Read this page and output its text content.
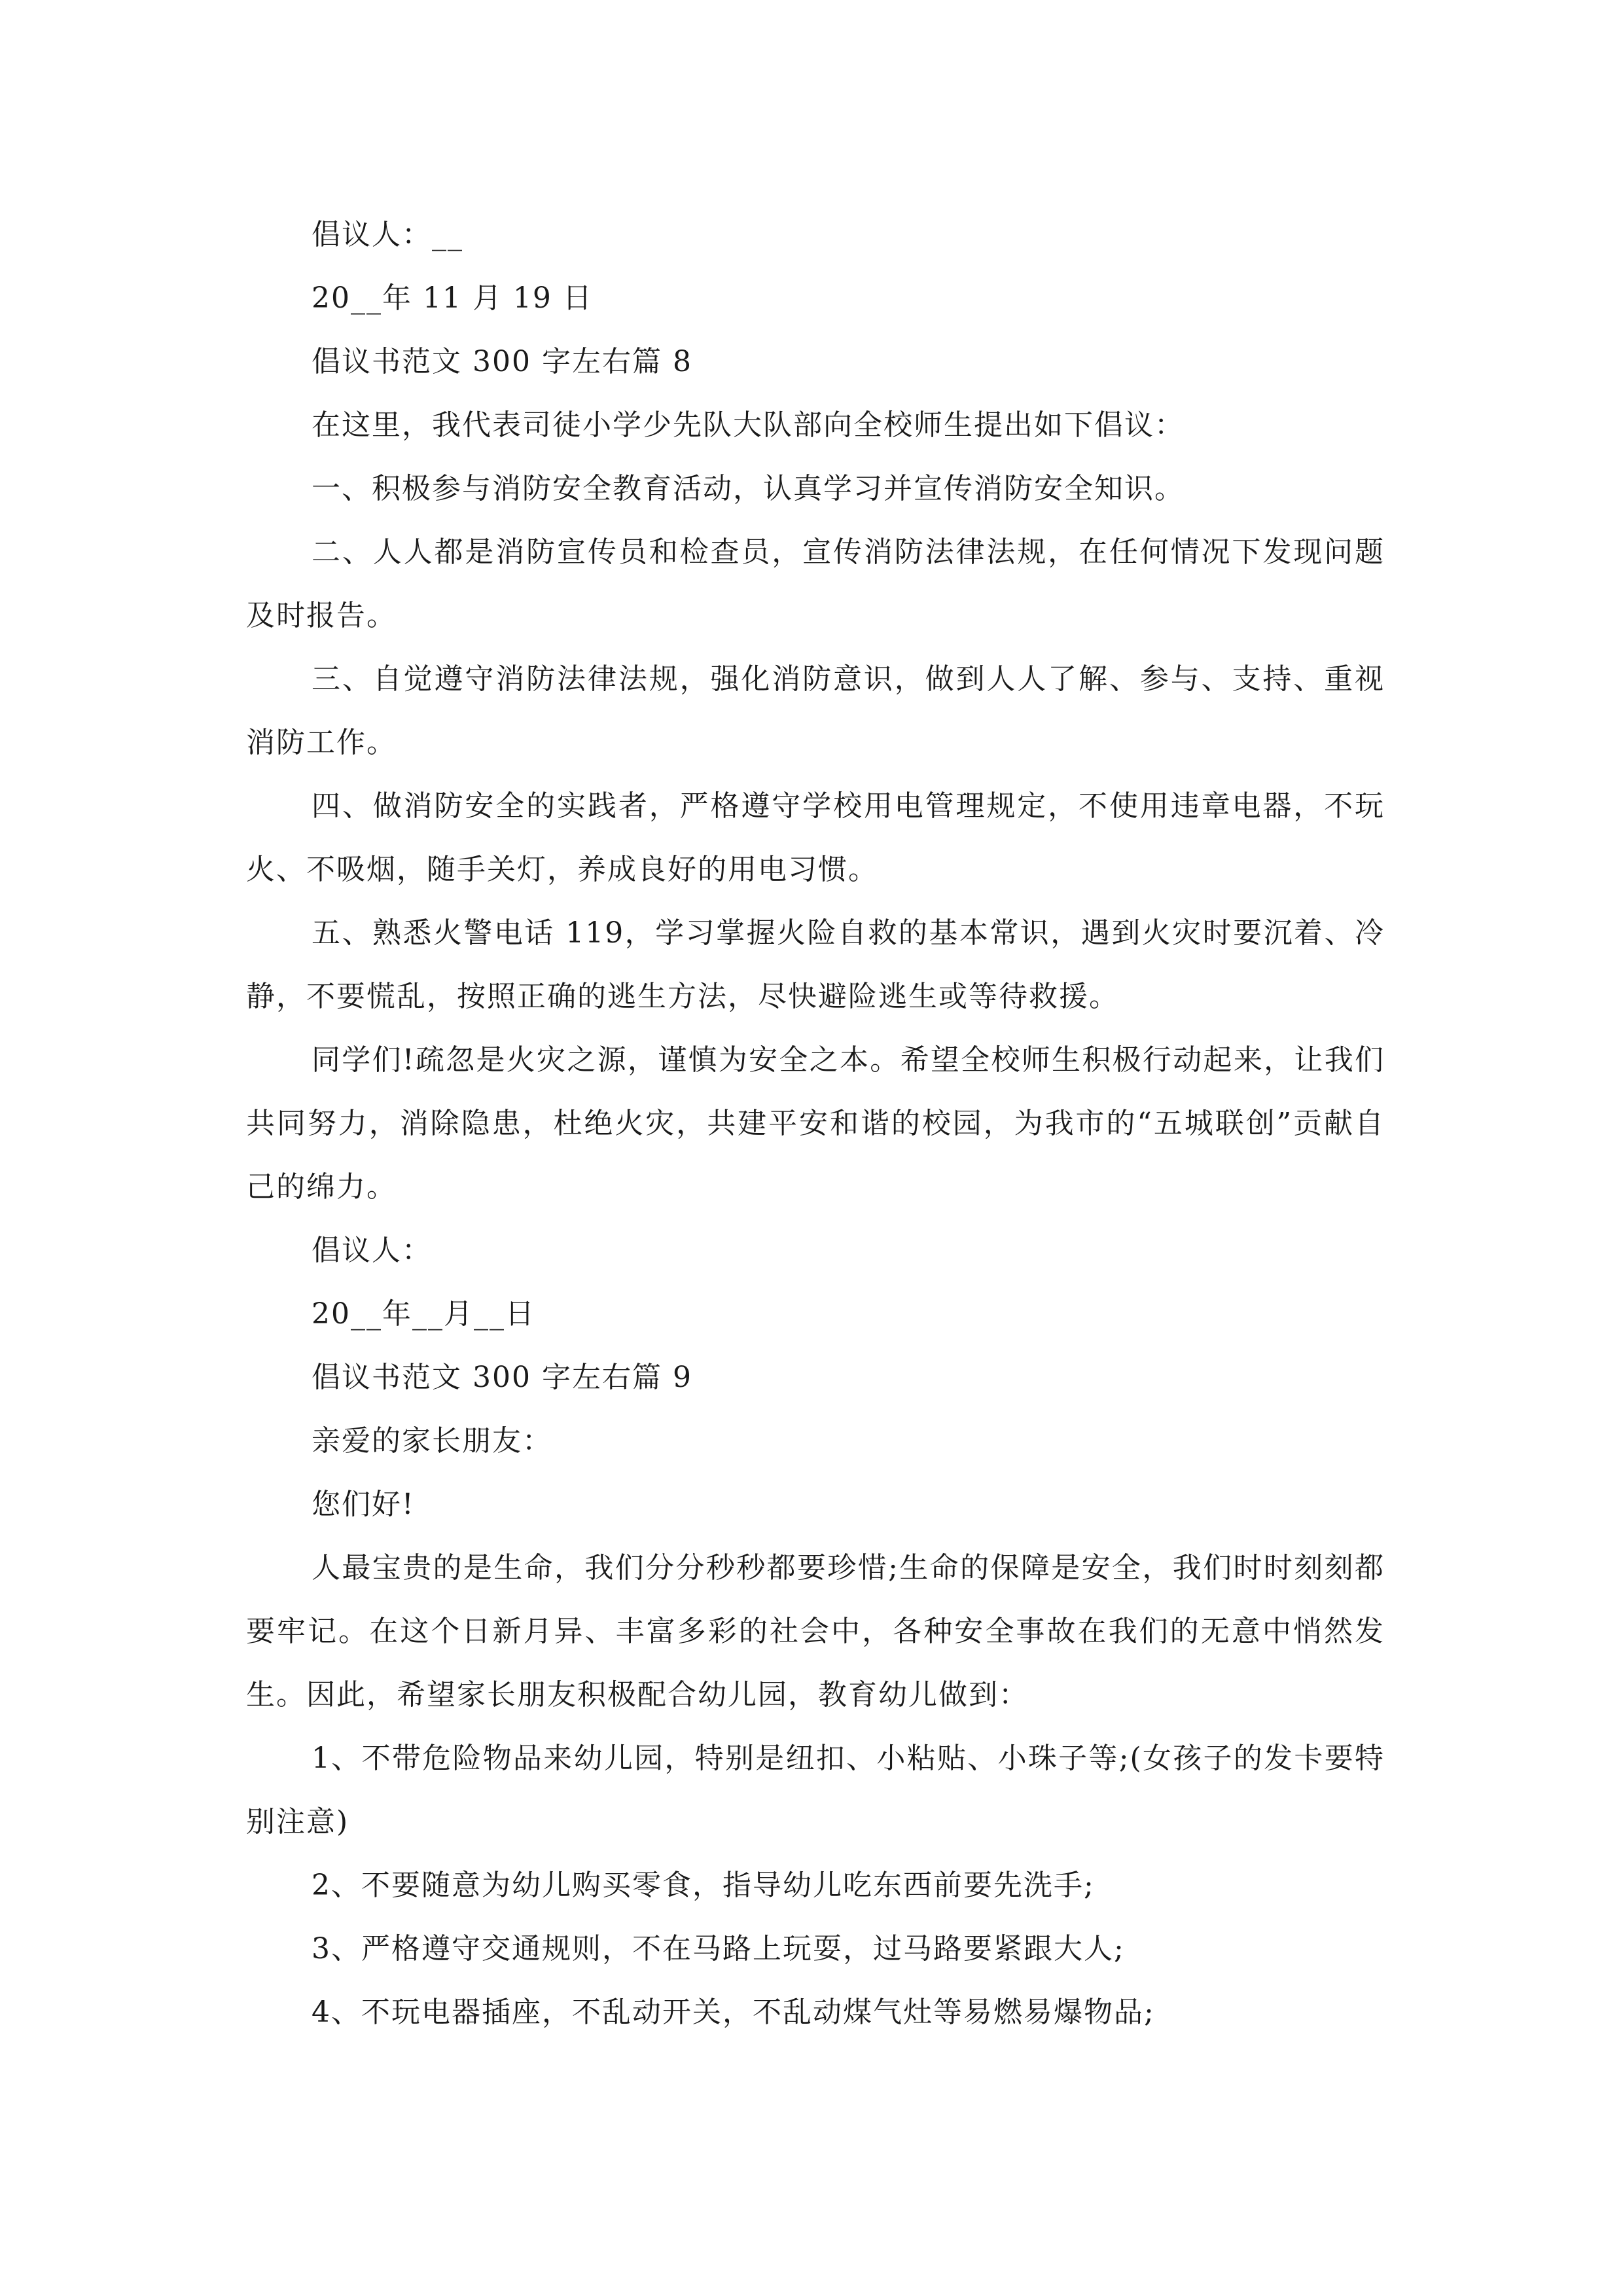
倡议人：__
20__年 11 月 19 日
倡议书范文 300 字左右篇 8
在这里，我代表司徒小学少先队大队部向全校师生提出如下倡议：
一、积极参与消防安全教育活动，认真学习并宣传消防安全知识。
二、人人都是消防宣传员和检查员，宣传消防法律法规，在任何情况下发现问题及时报告。
三、自觉遵守消防法律法规，强化消防意识，做到人人了解、参与、支持、重视消防工作。
四、做消防安全的实践者，严格遵守学校用电管理规定，不使用违章电器，不玩火、不吸烟，随手关灯，养成良好的用电习惯。
五、熟悉火警电话 119，学习掌握火险自救的基本常识，遇到火灾时要沉着、冷静，不要慌乱，按照正确的逃生方法，尽快避险逃生或等待救援。
同学们!疏忽是火灾之源，谨慎为安全之本。希望全校师生积极行动起来，让我们共同努力，消除隐患，杜绝火灾，共建平安和谐的校园，为我市的“五城联创”贡献自己的绵力。
倡议人：
20__年__月__日
倡议书范文 300 字左右篇 9
亲爱的家长朋友：
您们好!
人最宝贵的是生命，我们分分秒秒都要珍惜;生命的保障是安全，我们时时刻刻都要牢记。在这个日新月异、丰富多彩的社会中，各种安全事故在我们的无意中悄然发生。因此，希望家长朋友积极配合幼儿园，教育幼儿做到：
1、不带危险物品来幼儿园，特别是纽扣、小粘贴、小珠子等;(女孩子的发卡要特别注意)
2、不要随意为幼儿购买零食，指导幼儿吃东西前要先洗手;
3、严格遵守交通规则，不在马路上玩耍，过马路要紧跟大人;
4、不玩电器插座，不乱动开关，不乱动煤气灶等易燃易爆物品;
